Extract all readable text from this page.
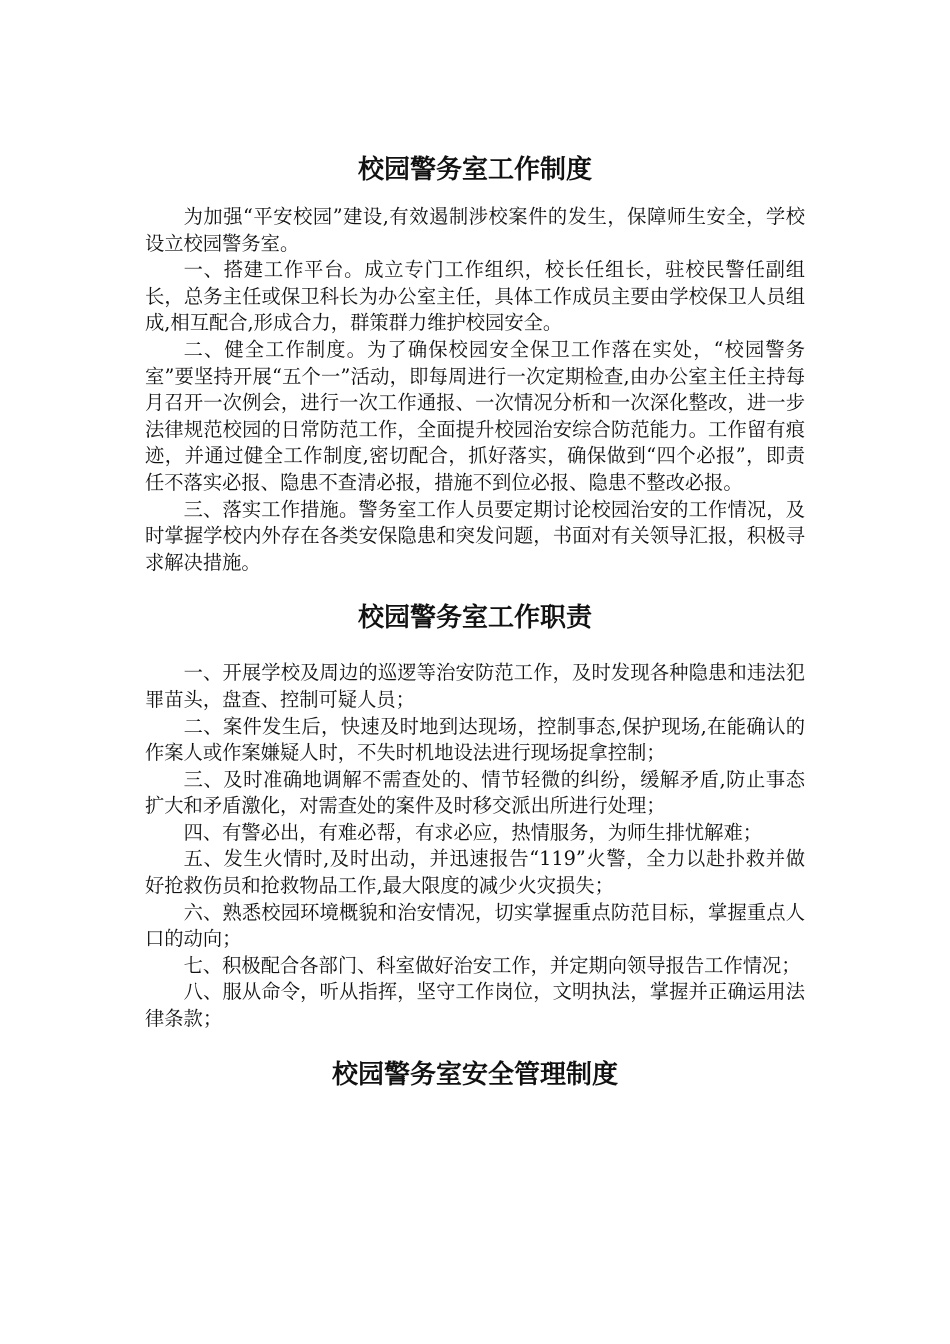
校园警务室工作制度

为加强“平安校园”建设,有效遏制涉校案件的发生，保障师生安全，学校设立校园警务室。

一、搭建工作平台。成立专门工作组织，校长任组长，驻校民警任副组长，总务主任或保卫科长为办公室主任，具体工作成员主要由学校保卫人员组成,相互配合,形成合力，群策群力维护校园安全。

二、健全工作制度。为了确保校园安全保卫工作落在实处，“校园警务室”要坚持开展“五个一”活动，即每周进行一次定期检查,由办公室主任主持每月召开一次例会，进行一次工作通报、一次情况分析和一次深化整改，进一步法律规范校园的日常防范工作，全面提升校园治安综合防范能力。工作留有痕迹，并通过健全工作制度,密切配合，抓好落实，确保做到“四个必报”，即责任不落实必报、隐患不查清必报，措施不到位必报、隐患不整改必报。

三、落实工作措施。警务室工作人员要定期讨论校园治安的工作情况，及时掌握学校内外存在各类安保隐患和突发问题，书面对有关领导汇报，积极寻求解决措施。

校园警务室工作职责

一、开展学校及周边的巡逻等治安防范工作，及时发现各种隐患和违法犯罪苗头，盘查、控制可疑人员；

二、案件发生后，快速及时地到达现场，控制事态,保护现场,在能确认的作案人或作案嫌疑人时，不失时机地设法进行现场捉拿控制；

三、及时准确地调解不需查处的、情节轻微的纠纷，缓解矛盾,防止事态扩大和矛盾激化，对需查处的案件及时移交派出所进行处理；

四、有警必出，有难必帮，有求必应，热情服务，为师生排忧解难；

五、发生火情时,及时出动，并迅速报告“119”火警，全力以赴扑救并做好抢救伤员和抢救物品工作,最大限度的减少火灾损失；

六、熟悉校园环境概貌和治安情况，切实掌握重点防范目标，掌握重点人口的动向；

七、积极配合各部门、科室做好治安工作，并定期向领导报告工作情况；

八、服从命令，听从指挥，坚守工作岗位，文明执法，掌握并正确运用法律条款；

校园警务室安全管理制度
